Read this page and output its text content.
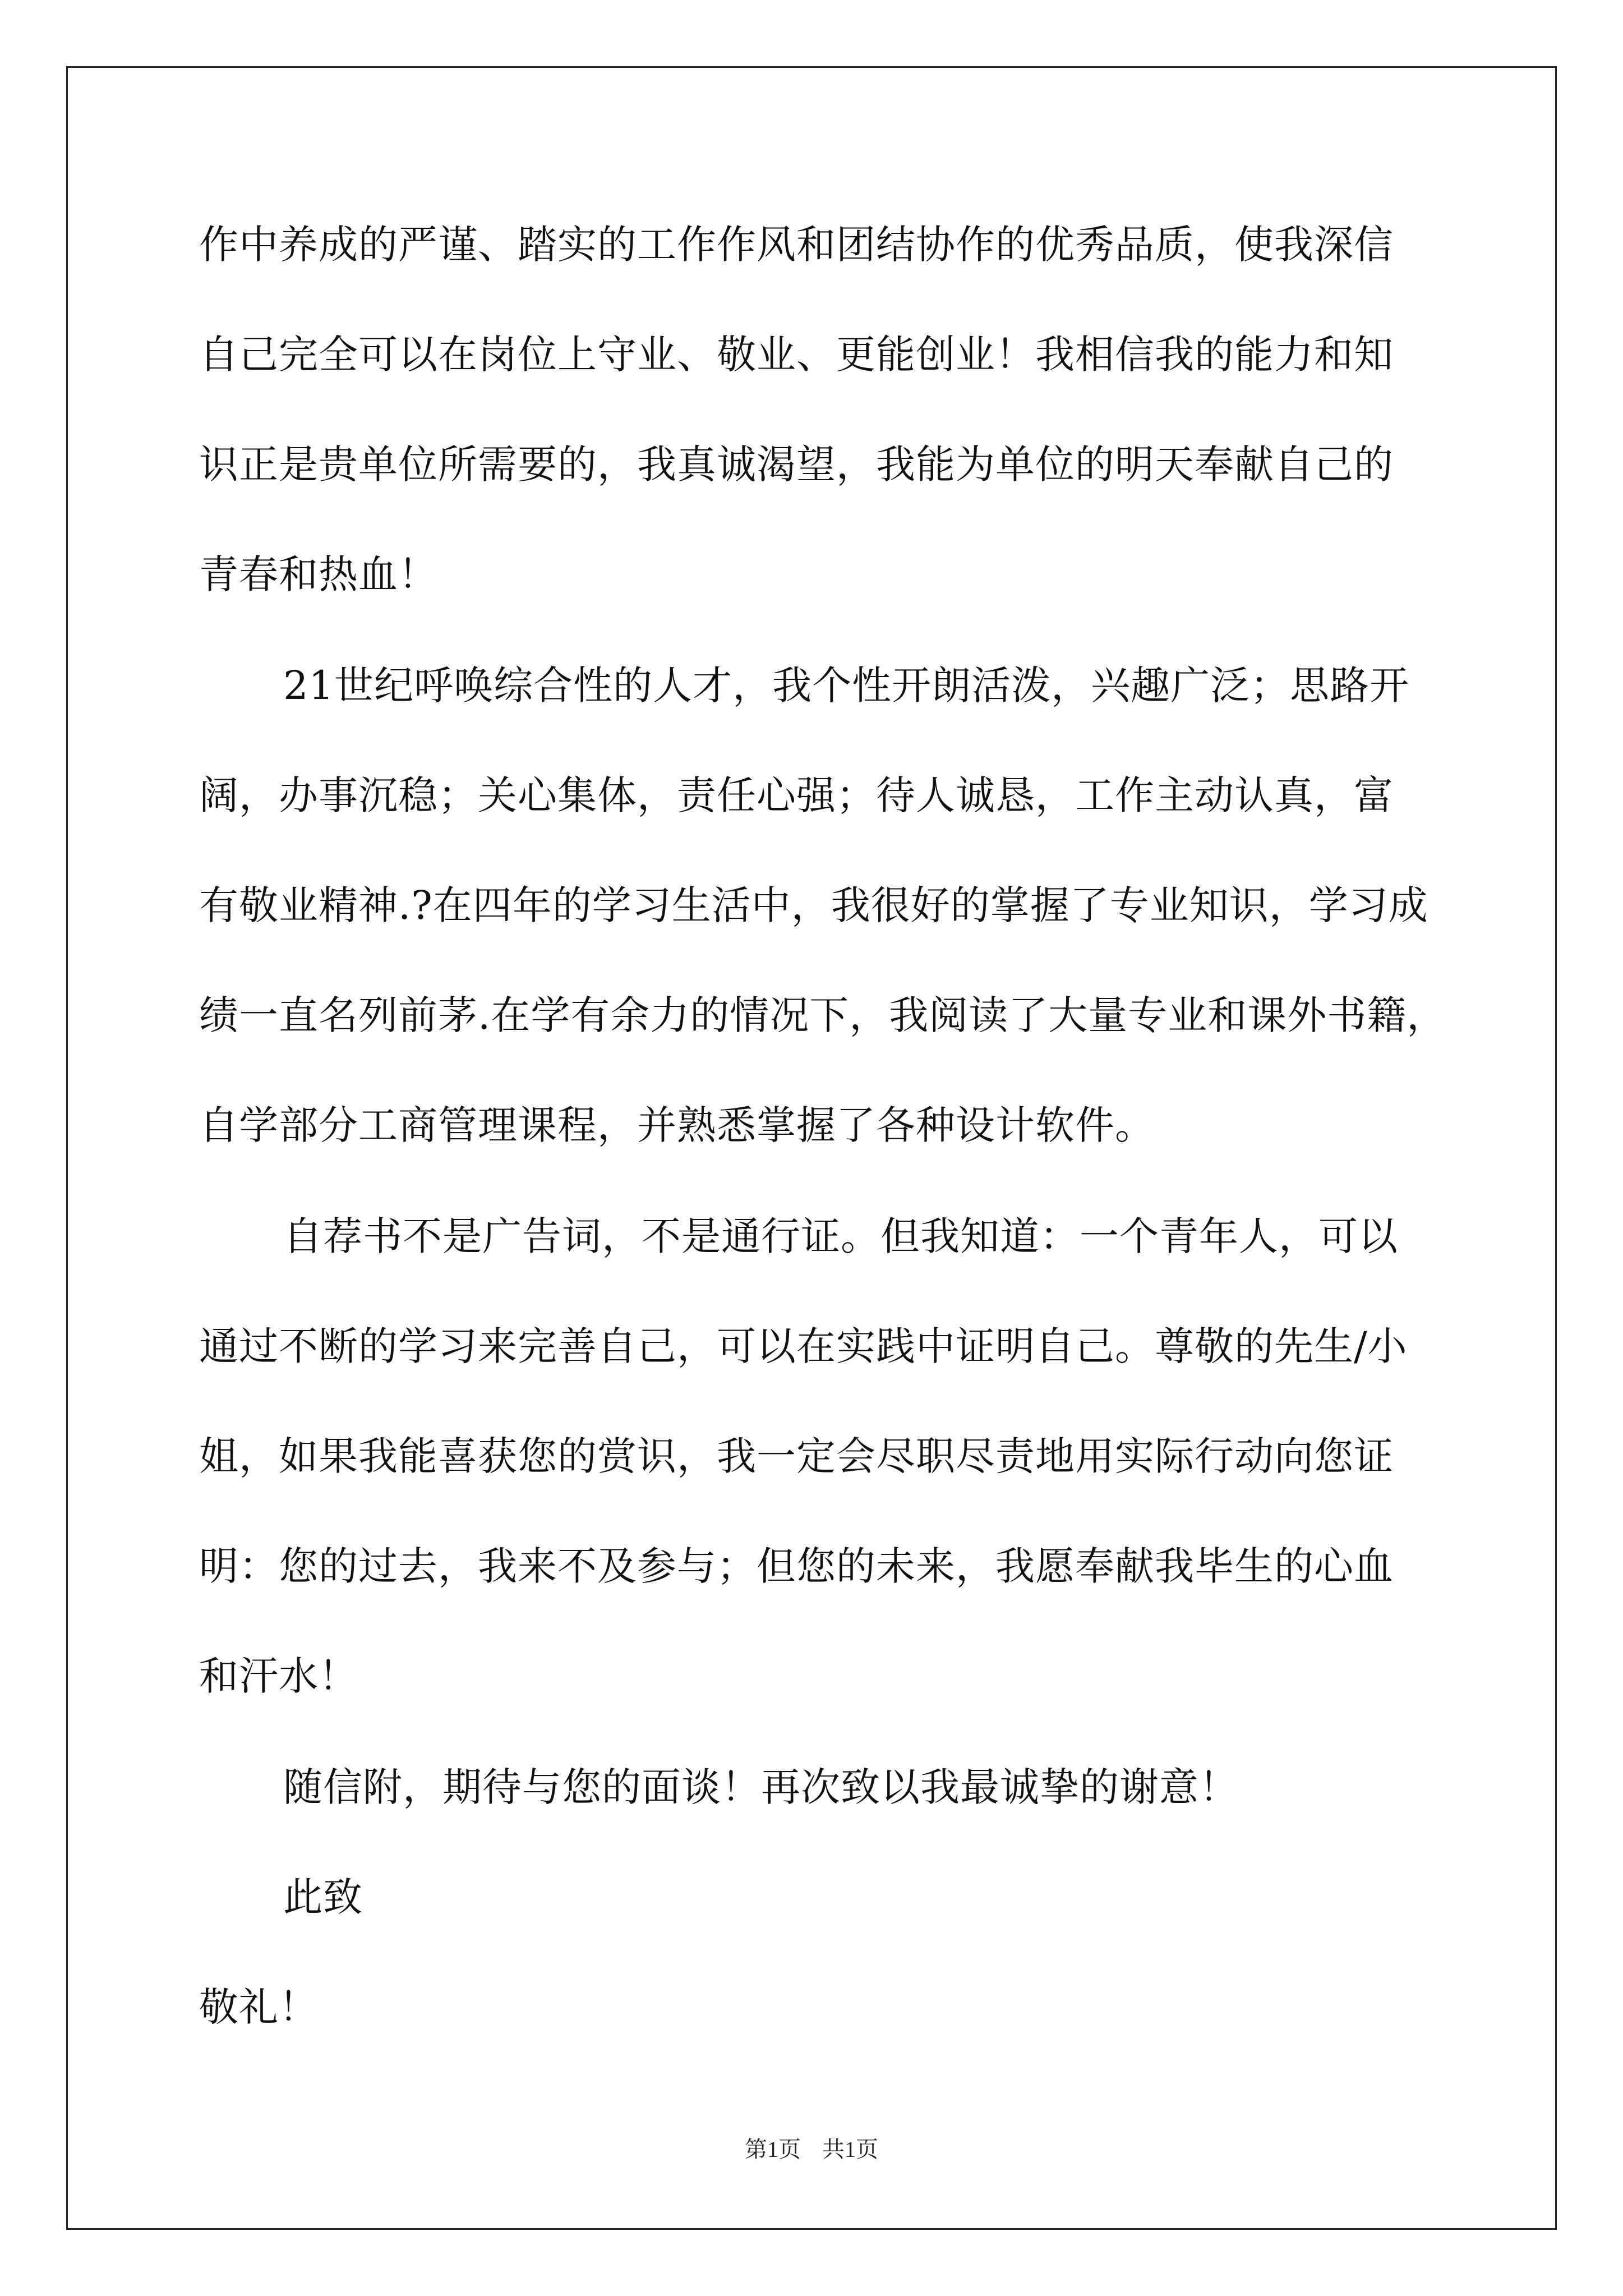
作中养成的严谨、踏实的工作作风和团结协作的优秀品质，使我深信
自己完全可以在岗位上守业、敬业、更能创业！我相信我的能力和知
识正是贵单位所需要的，我真诚渴望，我能为单位的明天奉献自己的
青春和热血！
21世纪呼唤综合性的人才，我个性开朗活泼，兴趣广泛；思路开
阔，办事沉稳；关心集体，责任心强；待人诚恳，工作主动认真，富
有敬业精神.?在四年的学习生活中，我很好的掌握了专业知识，学习成
绩一直名列前茅.在学有余力的情况下，我阅读了大量专业和课外书籍，
自学部分工商管理课程，并熟悉掌握了各种设计软件。
自荐书不是广告词，不是通行证。但我知道：一个青年人，可以
通过不断的学习来完善自己，可以在实践中证明自己。尊敬的先生/小
姐，如果我能喜获您的赏识，我一定会尽职尽责地用实际行动向您证
明：您的过去，我来不及参与；但您的未来，我愿奉献我毕生的心血
和汗水！
随信附，期待与您的面谈！再次致以我最诚挚的谢意！
此致
敬礼！
第1页 共1页
